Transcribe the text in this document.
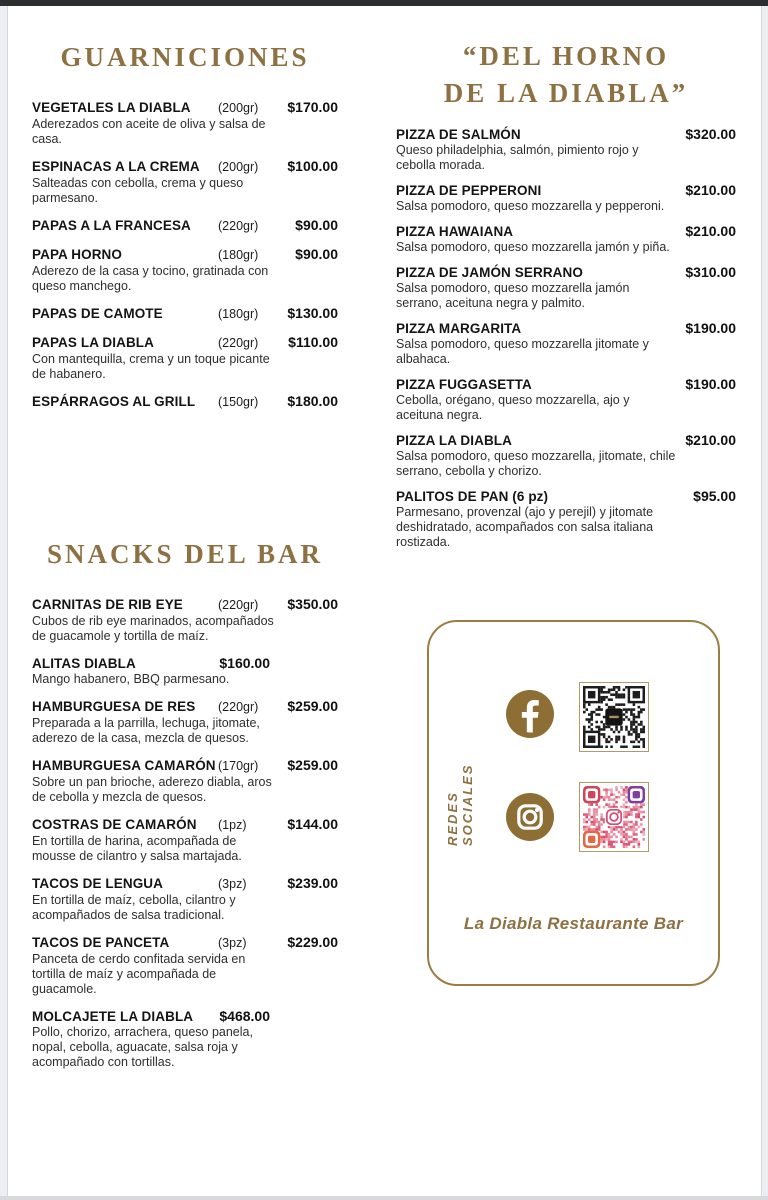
GUARNICIONES
VEGETALES LA DIABLA	(200gr)	$170.00
Aderezados con aceite de oliva y salsa de casa.
ESPINACAS A LA CREMA	(200gr)	$100.00
Salteadas con cebolla, crema y queso parmesano.
PAPAS A LA FRANCESA	(220gr)	$90.00
PAPA HORNO	(180gr)	$90.00
Aderezo de la casa y tocino, gratinada con queso manchego.
PAPAS DE CAMOTE	(180gr)	$130.00
PAPAS LA DIABLA	(220gr)	$110.00
Con mantequilla, crema y un toque picante de habanero.
ESPÁRRAGOS AL GRILL	(150gr)	$180.00
SNACKS DEL BAR
CARNITAS DE RIB EYE	(220gr)	$350.00
Cubos de rib eye marinados, acompañados de guacamole y tortilla de maíz.
ALITAS DIABLA	$160.00
Mango habanero, BBQ parmesano.
HAMBURGUESA DE RES	(220gr)	$259.00
Preparada a la parrilla, lechuga, jitomate, aderezo de la casa, mezcla de quesos.
HAMBURGUESA CAMARÓN (170gr)	$259.00
Sobre un pan brioche, aderezo diabla, aros de cebolla y mezcla de quesos.
COSTRAS DE CAMARÓN	(1pz)	$144.00
En tortilla de harina, acompañada de mousse de cilantro y salsa martajada.
TACOS DE LENGUA	(3pz)	$239.00
En tortilla de maíz, cebolla, cilantro y acompañados de salsa tradicional.
TACOS DE PANCETA	(3pz)	$229.00
Panceta de cerdo confitada servida en tortilla de maíz y acompañada de guacamole.
MOLCAJETE LA DIABLA	$468.00
Pollo, chorizo, arrachera, queso panela, nopal, cebolla, aguacate, salsa roja y acompañado con tortillas.
“DEL HORNO
DE LA DIABLA”
PIZZA DE SALMÓN	$320.00
Queso philadelphia, salmón, pimiento rojo y cebolla morada.
PIZZA DE PEPPERONI	$210.00
Salsa pomodoro, queso mozzarella y pepperoni.
PIZZA HAWAIANA	$210.00
Salsa pomodoro, queso mozzarella jamón y piña.
PIZZA DE JAMÓN SERRANO	$310.00
Salsa pomodoro, queso mozzarella jamón serrano, aceituna negra y palmito.
PIZZA MARGARITA	$190.00
Salsa pomodoro, queso mozzarella jitomate y albahaca.
PIZZA FUGGASETTA	$190.00
Cebolla, orégano, queso mozzarella, ajo y aceituna negra.
PIZZA LA DIABLA	$210.00
Salsa pomodoro, queso mozzarella, jitomate, chile serrano, cebolla y chorizo.
PALITOS DE PAN (6 pz)	$95.00
Parmesano, provenzal (ajo y perejil) y jitomate deshidratado, acompañados con salsa italiana rostizada.
REDES SOCIALES
La Diabla Restaurante Bar
